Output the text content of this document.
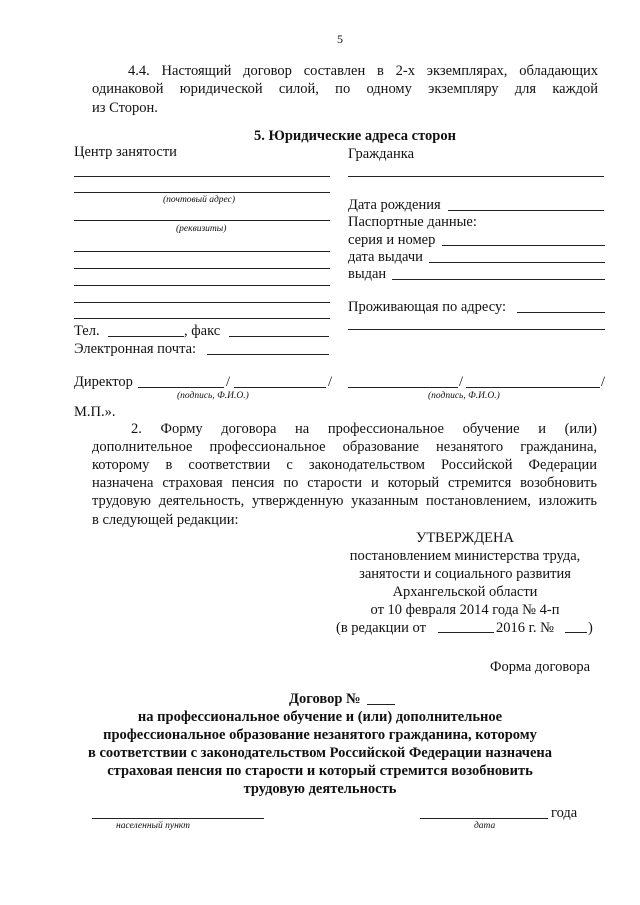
5
4.4. Настоящий договор составлен в 2-х экземплярах, обладающих
одинаковой юридической силой, по одному экземпляру для каждой
из Сторон.
5. Юридические адреса сторон
Центр занятости
(почтовый адрес)
(реквизиты)
Тел.	, факс
Электронная почта:
Директор	/	/
(подпись, Ф.И.О.)
Гражданка
Дата рождения
Паспортные данные:
серия и номер
дата выдачи
выдан
Проживающая по адресу:
/	/
(подпись, Ф.И.О.)
М.П.».
2. Форму договора на профессиональное обучение и (или)
дополнительное профессиональное образование незанятого гражданина,
которому в соответствии с законодательством Российской Федерации
назначена страховая пенсия по старости и который стремится возобновить
трудовую деятельность, утвержденную указанным постановлением, изложить
в следующей редакции:
УТВЕРЖДЕНА
постановлением министерства труда,
занятости и социального развития
Архангельской области
от 10 февраля 2014 года № 4-п
(в редакции от	2016 г. № )
Форма договора
Договор №
на профессиональное обучение и (или) дополнительное
профессиональное образование незанятого гражданина, которому
в соответствии с законодательством Российской Федерации назначена
страховая пенсия по старости и который стремится возобновить
трудовую деятельность
населенный пункт
года
дата
